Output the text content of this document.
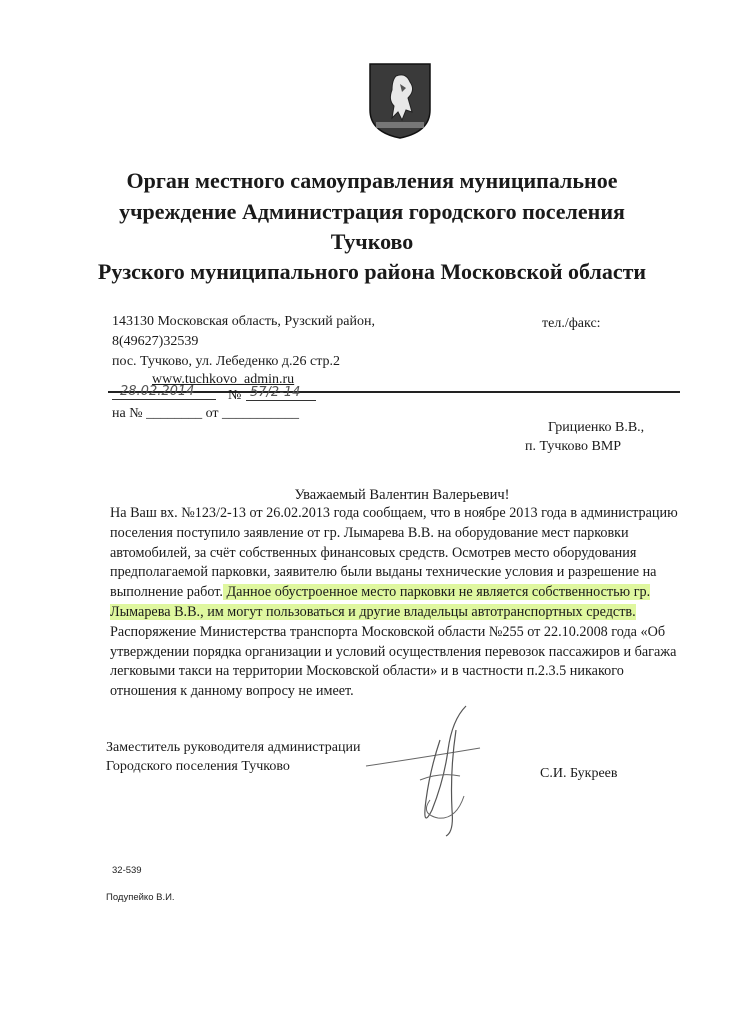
Орган местного самоуправления муниципальное
учреждение Администрация городского поселения
Тучково
Рузского муниципального района Московской области
143130 Московская область, Рузский район,
8(49627)32539
пос. Тучково, ул. Лебеденко д.26 стр.2
www.tuchkovo_admin.ru
тел./факс:
28.02.2014 № 57/2-14
на № ________ от ___________
Грициенко В.В.,
п. Тучково ВМР
Уважаемый Валентин Валерьевич!

На Ваш вх. №123/2-13 от 26.02.2013 года сообщаем, что в ноябре 2013 года в администрацию поселения поступило заявление от гр. Лымарева В.В. на оборудование мест парковки автомобилей, за счёт собственных финансовых средств. Осмотрев место оборудования предполагаемой парковки, заявителю были выданы технические условия и разрешение на выполнение работ. Данное обустроенное место парковки не является собственностью гр. Лымарева В.В., им могут пользоваться и другие владельцы автотранспортных средств. Распоряжение Министерства транспорта Московской области №255 от 22.10.2008 года «Об утверждении порядка организации и условий осуществления перевозок пассажиров и багажа легковыми такси на территории Московской области» и в частности п.2.3.5 никакого отношения к данному вопросу не имеет.

Заместитель руководителя администрации
Городского поселения Тучково	С.И. Букреев
32-539
Подупейко В.И.
